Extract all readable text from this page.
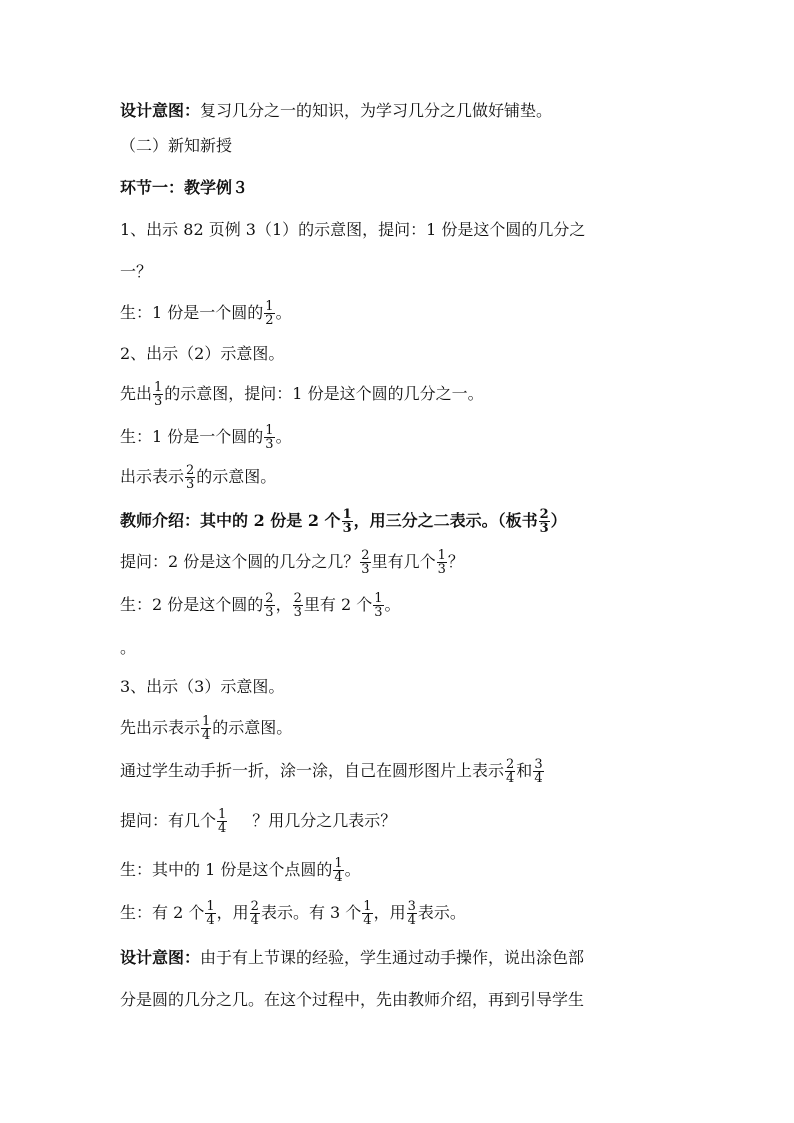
设计意图：复习几分之一的知识，为学习几分之几做好铺垫。
（二）新知新授
环节一：教学例３
1、出示 82 页例 3（1）的示意图，提问：1 份是这个圆的几分之
一？
生：1 份是一个圆的 $\frac{1}{2}$ 。
2、出示（2）示意图。
先出 $\frac{1}{3}$ 的示意图，提问：1 份是这个圆的几分之一。
生：1 份是一个圆的 $\frac{1}{3}$ 。
出示表示 $\frac{2}{3}$ 的示意图。
教师介绍：其中的 2 份是 2 个 $\frac{1}{3}$ ，用三分之二表示。（板书 $\frac{2}{3}$ ）
提问：2 份是这个圆的几分之几？ $\frac{2}{3}$ 里有几个 $\frac{1}{3}$ ？
生：2 份是这个圆的 $\frac{2}{3}$ ， $\frac{2}{3}$ 里有 2 个 $\frac{1}{3}$ 。
。
3、出示（3）示意图。
先出示表示 $\frac{1}{4}$ 的示意图。
通过学生动手折一折，涂一涂，自己在圆形图片上表示 $\frac{2}{4}$ 和 $\frac{3}{4}$
提问：有几个 $\frac{1}{4}$ ？用几分之几表示？
生：其中的 1 份是这个点圆的 $\frac{1}{4}$ 。
生：有 2 个 $\frac{1}{4}$ ，用 $\frac{2}{4}$ 表示。有 3 个 $\frac{1}{4}$ ，用 $\frac{3}{4}$ 表示。
设计意图：由于有上节课的经验，学生通过动手操作，说出涂色部
分是圆的几分之几。在这个过程中，先由教师介绍，再到引导学生
